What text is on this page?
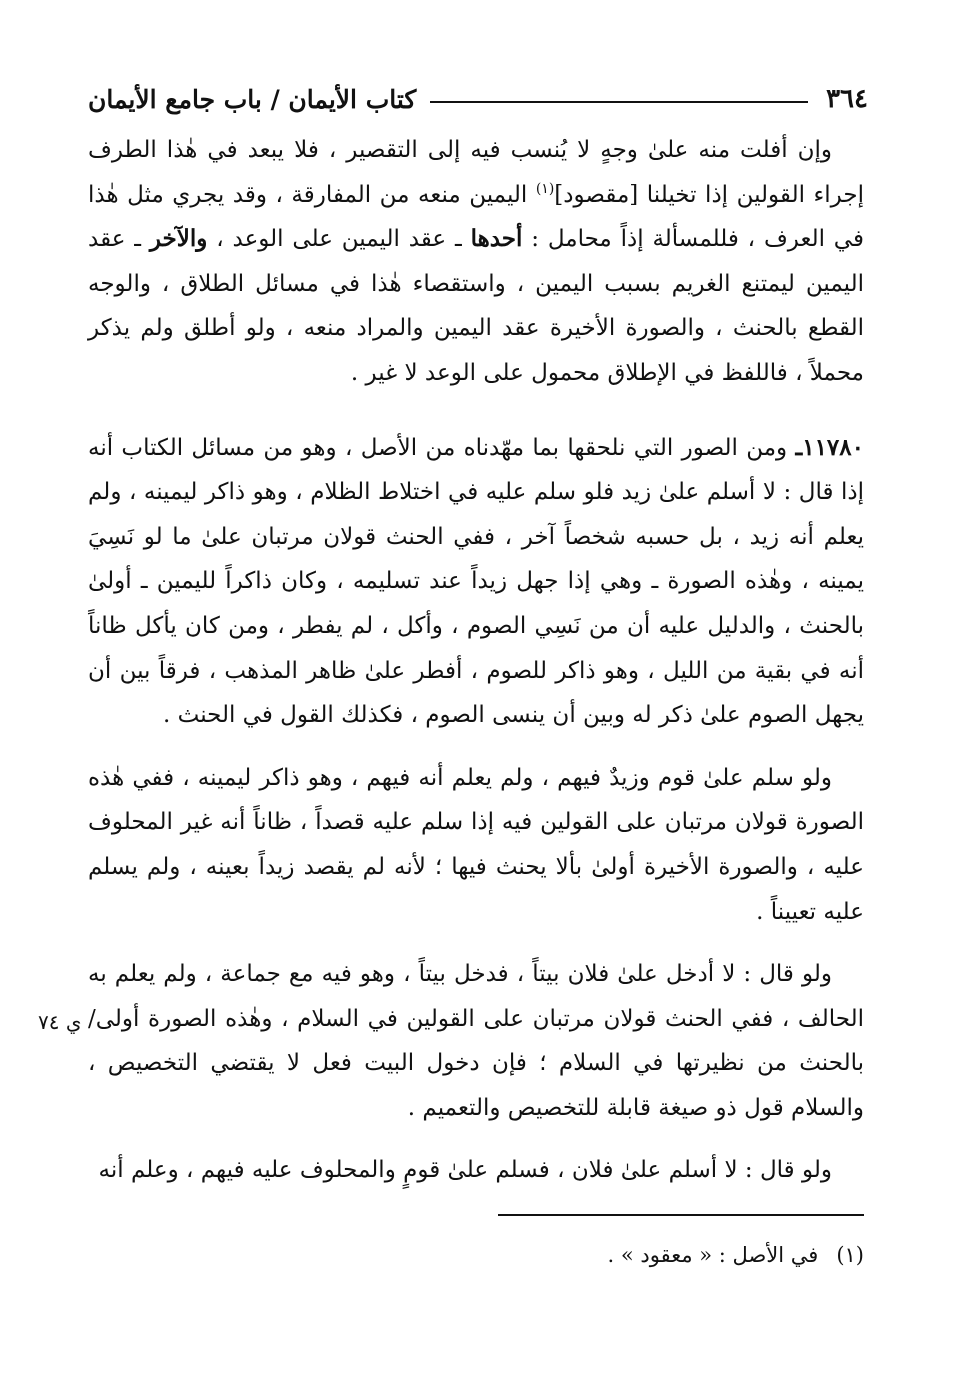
٣٦٤
كتاب الأيمان / باب جامع الأيمان

وإن أفلت منه علىٰ وجهٍ لا يُنسب فيه إلى التقصير ، فلا يبعد في هٰذا الطرف إجراء القولين إذا تخيلنا [مقصود]$^{(١)}$ اليمين منعه من المفارقة ، وقد يجري مثل هٰذا في العرف ، فللمسألة إذاً محامل : أحدها ـ عقد اليمين على الوعد ، والآخر ـ عقد اليمين ليمتنع الغريم بسبب اليمين ، واستقصاء هٰذا في مسائل الطلاق ، والوجه القطع بالحنث ، والصورة الأخيرة عقد اليمين والمراد منعه ، ولو أطلق ولم يذكر محملاً ، فاللفظ في الإطلاق محمول على الوعد لا غير .

١١٧٨٠ـ ومن الصور التي نلحقها بما مهّدناه من الأصل ، وهو من مسائل الكتاب أنه إذا قال : لا أسلم علىٰ زيد فلو سلم عليه في اختلاط الظلام ، وهو ذاكر ليمينه ، ولم يعلم أنه زيد ، بل حسبه شخصاً آخر ، ففي الحنث قولان مرتبان علىٰ ما لو نَسِيَ يمينه ، وهٰذه الصورة ـ وهي إذا جهل زيداً عند تسليمه ، وكان ذاكراً لليمين ـ أولىٰ بالحنث ، والدليل عليه أن من نَسِي الصوم ، وأكل ، لم يفطر ، ومن كان يأكل ظاناً أنه في بقية من الليل ، وهو ذاكر للصوم ، أفطر علىٰ ظاهر المذهب ، فرقاً بين أن يجهل الصوم علىٰ ذكر له وبين أن ينسى الصوم ، فكذلك القول في الحنث .

ولو سلم علىٰ قوم وزيدٌ فيهم ، ولم يعلم أنه فيهم ، وهو ذاكر ليمينه ، ففي هٰذه الصورة قولان مرتبان على القولين فيه إذا سلم عليه قصداً ، ظاناً أنه غير المحلوف عليه ، والصورة الأخيرة أولىٰ بألا يحنث فيها ؛ لأنه لم يقصد زيداً بعينه ، ولم يسلم عليه تعييناً .

ولو قال : لا أدخل علىٰ فلان بيتاً ، فدخل بيتاً ، وهو فيه مع جماعة ، ولم يعلم به الحالف ، ففي الحنث قولان مرتبان على القولين في السلام ، وهٰذه الصورة أولى/ بالحنث من نظيرتها في السلام ؛ فإن دخول البيت فعل لا يقتضي التخصيص ، والسلام قول ذو صيغة قابلة للتخصيص والتعميم .

ولو قال : لا أسلم علىٰ فلان ، فسلم علىٰ قومٍ والمحلوف عليه فيهم ، وعلم أنه

ي ٧٤
(١)في الأصل : « معقود » .
